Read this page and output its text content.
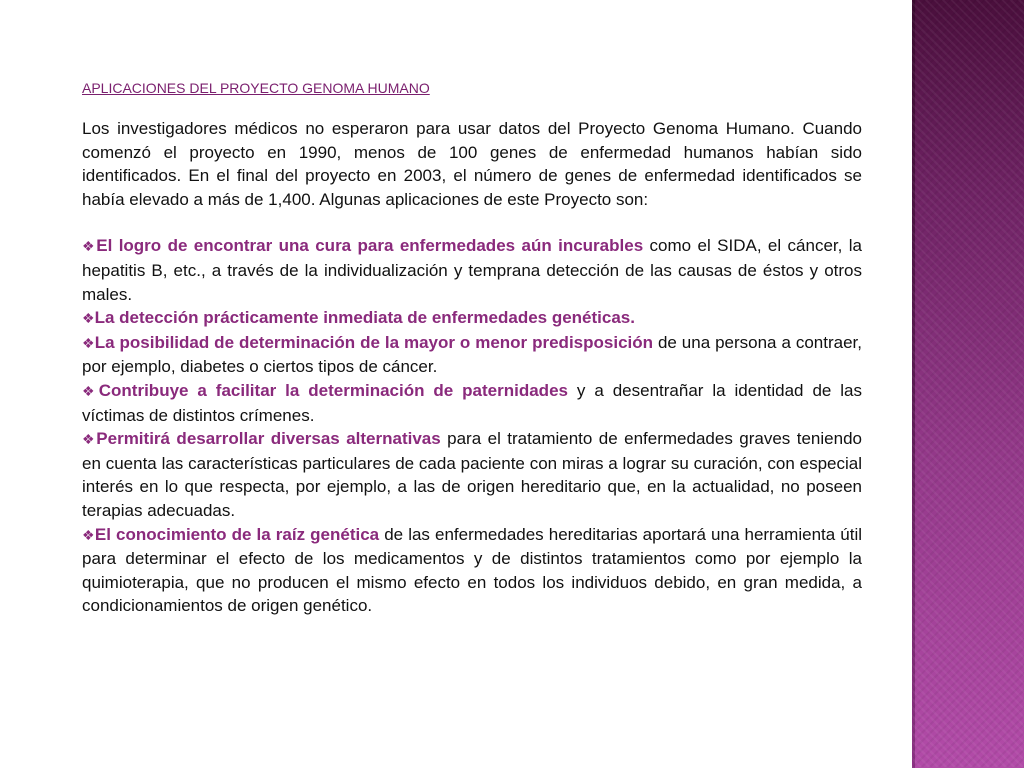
APLICACIONES DEL PROYECTO GENOMA HUMANO

Los investigadores médicos no esperaron para usar datos del Proyecto Genoma Humano. Cuando comenzó el proyecto en 1990, menos de 100 genes de enfermedad humanos habían sido identificados. En el final del proyecto en 2003, el número de genes de enfermedad identificados se había elevado a más de 1,400. Algunas aplicaciones de este Proyecto son:

❖El logro de encontrar una cura para enfermedades aún incurables como el SIDA, el cáncer, la hepatitis B, etc., a través de la individualización y temprana detección de las causas de éstos y otros males.

❖La detección prácticamente inmediata de enfermedades genéticas.

❖La posibilidad de determinación de la mayor o menor predisposición de una persona a contraer, por ejemplo, diabetes o ciertos tipos de cáncer.

❖Contribuye a facilitar la determinación de paternidades y a desentrañar la identidad de las víctimas de distintos crímenes.

❖Permitirá desarrollar diversas alternativas para el tratamiento de enfermedades graves teniendo en cuenta las características particulares de cada paciente con miras a lograr su curación, con especial interés en lo que respecta, por ejemplo, a las de origen hereditario que, en la actualidad, no poseen terapias adecuadas.

❖El conocimiento de la raíz genética de las enfermedades hereditarias aportará una herramienta útil para determinar el efecto de los medicamentos y de distintos tratamientos como por ejemplo la quimioterapia, que no producen el mismo efecto en todos los individuos debido, en gran medida, a condicionamientos de origen genético.
